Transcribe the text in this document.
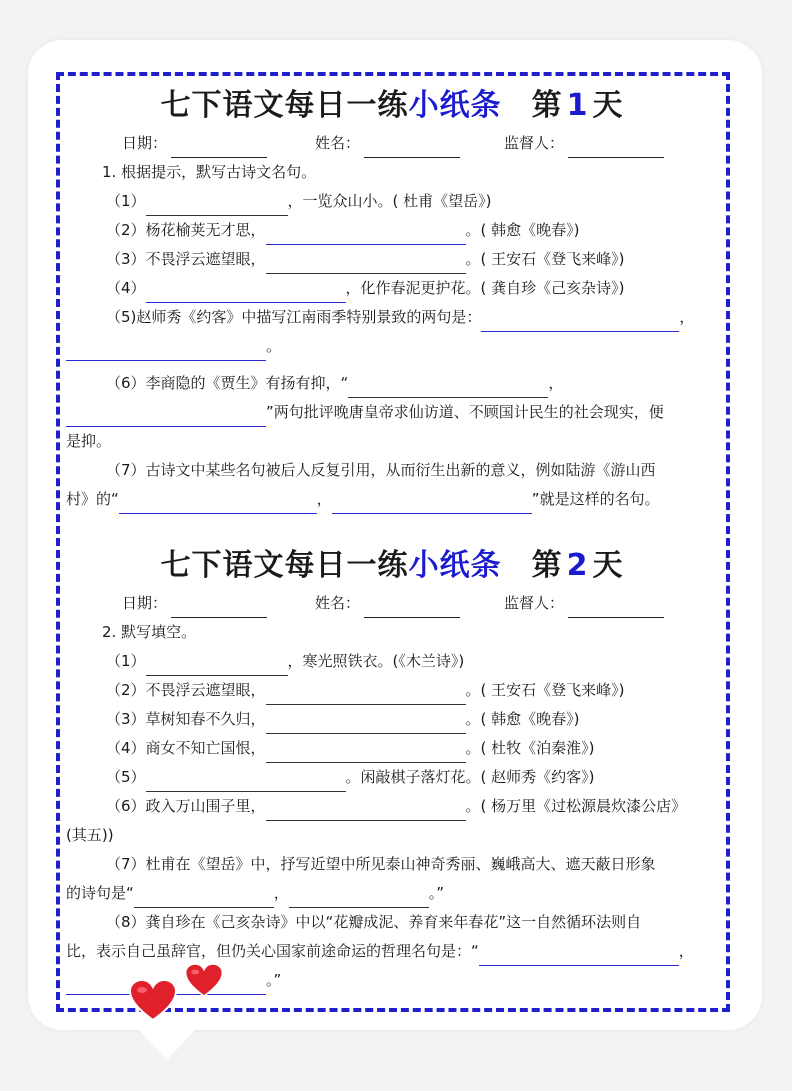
七下语文每日一练小纸条 第 1 天
日期：	姓名：	监督人：
1. 根据提示，默写古诗文名句。
（1）	，一览众山小。( 杜甫《望岳》)
（2）杨花榆荚无才思，	。( 韩愈《晚春》)
（3）不畏浮云遮望眼，	。( 王安石《登飞来峰》)
（4）	，化作春泥更护花。( 龚自珍《己亥杂诗》)
（5)赵师秀《约客》中描写江南雨季特别景致的两句是：	，
。
（6）李商隐的《贾生》有扬有抑，“	，
”两句批评晚唐皇帝求仙访道、不顾国计民生的社会现实，便
是抑。
（7）古诗文中某些名句被后人反复引用，从而衍生出新的意义，例如陆游《游山西
村》的“	，	”就是这样的名句。
七下语文每日一练小纸条 第 2 天
日期：	姓名：	监督人：
2. 默写填空。
（1）	，寒光照铁衣。(《木兰诗》)
（2）不畏浮云遮望眼，	。( 王安石《登飞来峰》)
（3）草树知春不久归，	。( 韩愈《晚春》)
（4）商女不知亡国恨，	。( 杜牧《泊秦淮》)
（5）	。闲敲棋子落灯花。( 赵师秀《约客》)
（6）政入万山围子里，	。( 杨万里《过松源晨炊漆公店》
(其五))
（7）杜甫在《望岳》中，抒写近望中所见泰山神奇秀丽、巍峨高大、遮天蔽日形象
的诗句是“	，	。”
（8）龚自珍在《己亥杂诗》中以“花瓣成泥、养育来年春花”这一自然循环法则自
比，表示自己虽辞官，但仍关心国家前途命运的哲理名句是：“	，
。”
